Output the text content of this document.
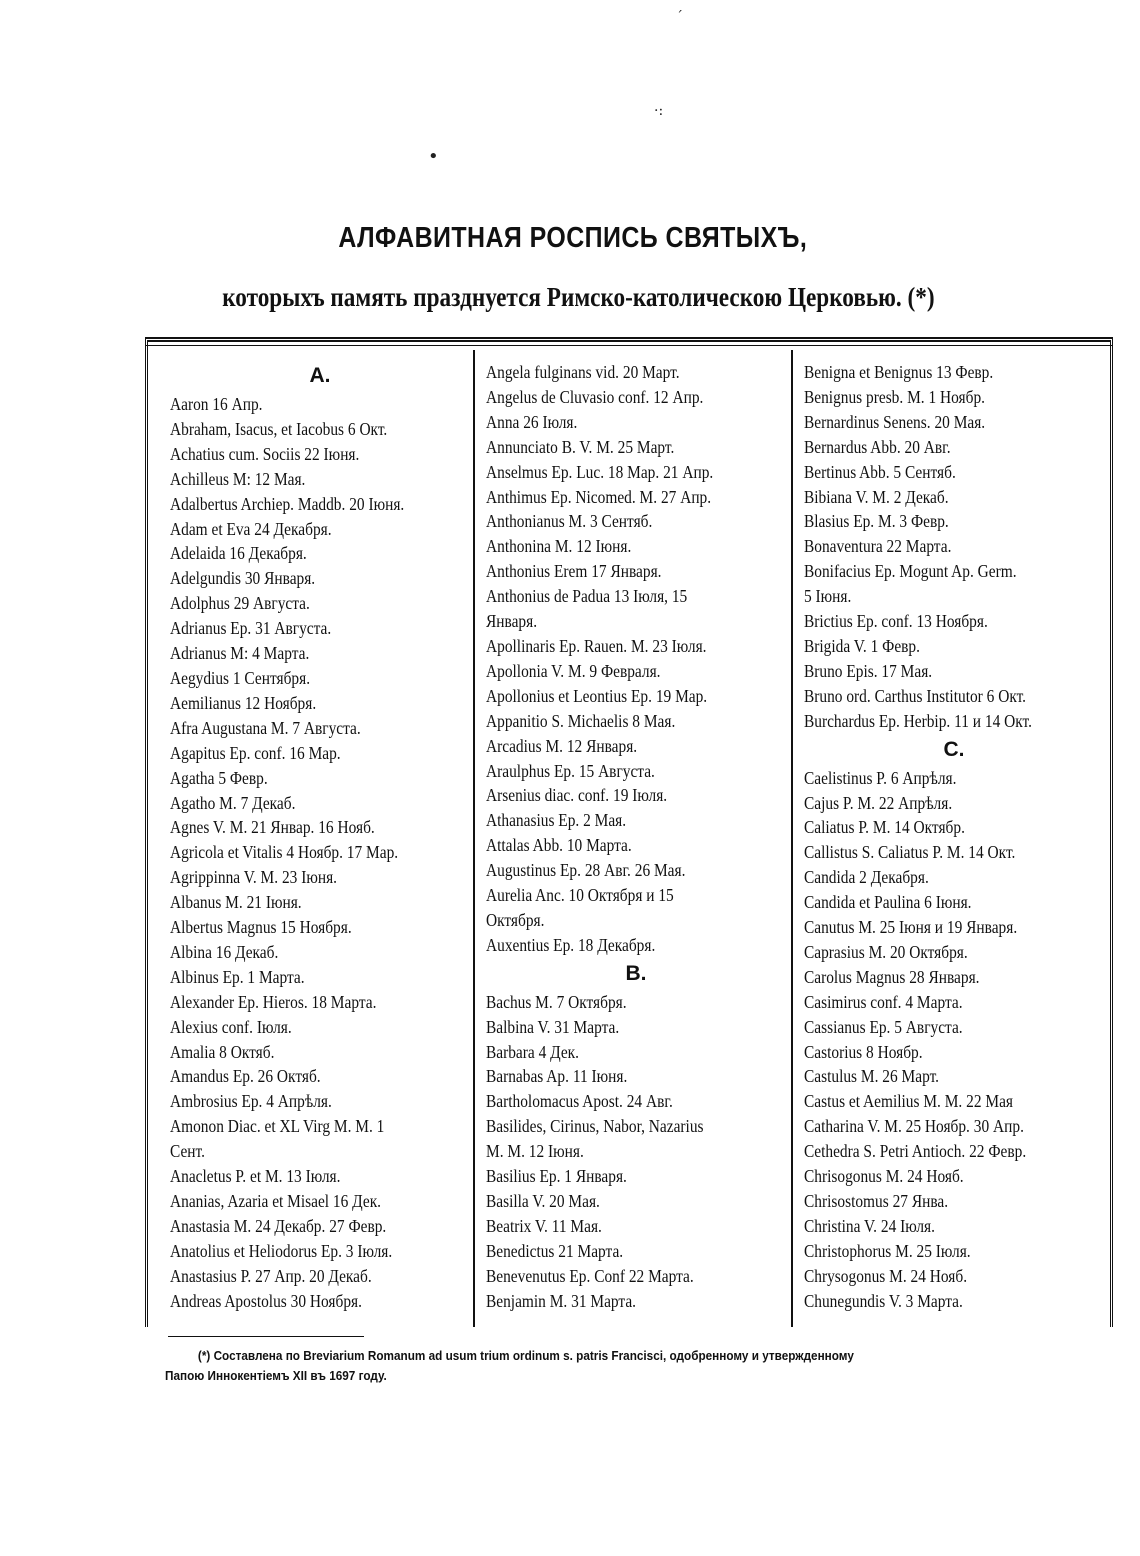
ˊ
·:
•
АЛФАВИТНАЯ РОСПИСЬ СВЯТЫХЪ,
которыхъ память празднуется Римско-католическою Церковью. (*)
A.
Aaron 16 Апр.
Abraham, Isacus, et Iacobus 6 Окт.
Achatius cum. Sociis 22 Iюня.
Achilleus M: 12 Мая.
Adalbertus Archiep. Maddb. 20 Iюня.
Adam et Eva 24 Декабря.
Adelaida 16 Декабря.
Adelgundis 30 Января.
Adolphus 29 Августа.
Adrianus Ep. 31 Августа.
Adrianus M: 4 Марта.
Aegydius 1 Сентября.
Aemilianus 12 Ноября.
Afra Augustana M. 7 Августа.
Agapitus Ep. conf. 16 Мар.
Agatha 5 Февр.
Agatho M. 7 Декаб.
Agnes V. M. 21 Январ. 16 Нояб.
Agricola et Vitalis 4 Ноябр. 17 Мар.
Agrippinna V. M. 23 Iюня.
Albanus M. 21 Iюня.
Albertus Magnus 15 Ноября.
Albina 16 Декаб.
Albinus Ep. 1 Марта.
Alexander Ep. Hieros. 18 Марта.
Alexius conf. Iюля.
Amalia 8 Октяб.
Amandus Ep. 26 Октяб.
Ambrosius Ep. 4 Апрѣля.
Amonon Diac. et XL Virg M. M. 1
Сент.
Anacletus P. et M. 13 Iюля.
Ananias, Azaria et Misael 16 Дек.
Anastasia M. 24 Декабр. 27 Февр.
Anatolius et Heliodorus Ep. 3 Iюля.
Anastasius P. 27 Апр. 20 Декаб.
Andreas Apostolus 30 Ноября.
Angela fulginans vid. 20 Март.
Angelus de Cluvasio conf. 12 Апр.
Anna 26 Iюля.
Annunciato B. V. M. 25 Март.
Anselmus Ep. Luc. 18 Мар. 21 Апр.
Anthimus Ep. Nicomed. M. 27 Апр.
Anthonianus M. 3 Сентяб.
Anthonina M. 12 Iюня.
Anthonius Erem 17 Января.
Anthonius de Padua 13 Iюля, 15
Января.
Apollinaris Ep. Rauen. M. 23 Iюля.
Apollonia V. M. 9 Февраля.
Apollonius et Leontius Ep. 19 Мар.
Appanitio S. Michaelis 8 Мая.
Arcadius M. 12 Января.
Araulphus Ep. 15 Августа.
Arsenius diac. conf. 19 Iюля.
Athanasius Ep. 2 Мая.
Attalas Abb. 10 Марта.
Augustinus Ep. 28 Авг. 26 Мая.
Aurelia Anc. 10 Октября и 15
Октября.
Auxentius Ep. 18 Декабря.
B.
Bachus M. 7 Октября.
Balbina V. 31 Марта.
Barbara 4 Дек.
Barnabas Ap. 11 Iюня.
Bartholomacus Apost. 24 Авг.
Basilides, Cirinus, Nabor, Nazarius
M. M. 12 Iюня.
Basilius Ep. 1 Января.
Basilla V. 20 Мая.
Beatrix V. 11 Мая.
Benedictus 21 Марта.
Benevenutus Ep. Conf 22 Марта.
Benjamin M. 31 Марта.
Benigna et Benignus 13 Февр.
Benignus presb. M. 1 Ноябр.
Bernardinus Senens. 20 Мая.
Bernardus Abb. 20 Авг.
Bertinus Abb. 5 Сентяб.
Bibiana V. M. 2 Декаб.
Blasius Ep. M. 3 Февр.
Bonaventura 22 Марта.
Bonifacius Ep. Mogunt Ap. Germ.
5 Iюня.
Brictius Ep. conf. 13 Ноября.
Brigida V. 1 Февр.
Bruno Epis. 17 Мая.
Bruno ord. Carthus Institutor 6 Окт.
Burchardus Ep. Herbip. 11 и 14 Окт.
C.
Caelistinus P. 6 Апрѣля.
Cajus P. M. 22 Апрѣля.
Caliatus P. M. 14 Октябр.
Callistus S. Caliatus P. M. 14 Окт.
Candida 2 Декабря.
Candida et Paulina 6 Iюня.
Canutus M. 25 Iюня и 19 Января.
Caprasius M. 20 Октября.
Carolus Magnus 28 Января.
Casimirus conf. 4 Марта.
Cassianus Ep. 5 Августа.
Castorius 8 Ноябр.
Castulus M. 26 Март.
Castus et Aemilius M. M. 22 Мая
Catharina V. M. 25 Ноябр. 30 Апр.
Cethedra S. Petri Antioch. 22 Февр.
Chrisogonus M. 24 Нояб.
Chrisostomus 27 Янва.
Christina V. 24 Iюля.
Christophorus M. 25 Iюля.
Chrysogonus M. 24 Нояб.
Chunegundis V. 3 Марта.
(*) Составлена по Breviarium Romanum ad usum trium ordinum s. patris Francisci, одобренному и утвержденному
Папою Иннокентiемъ XII въ 1697 году.
